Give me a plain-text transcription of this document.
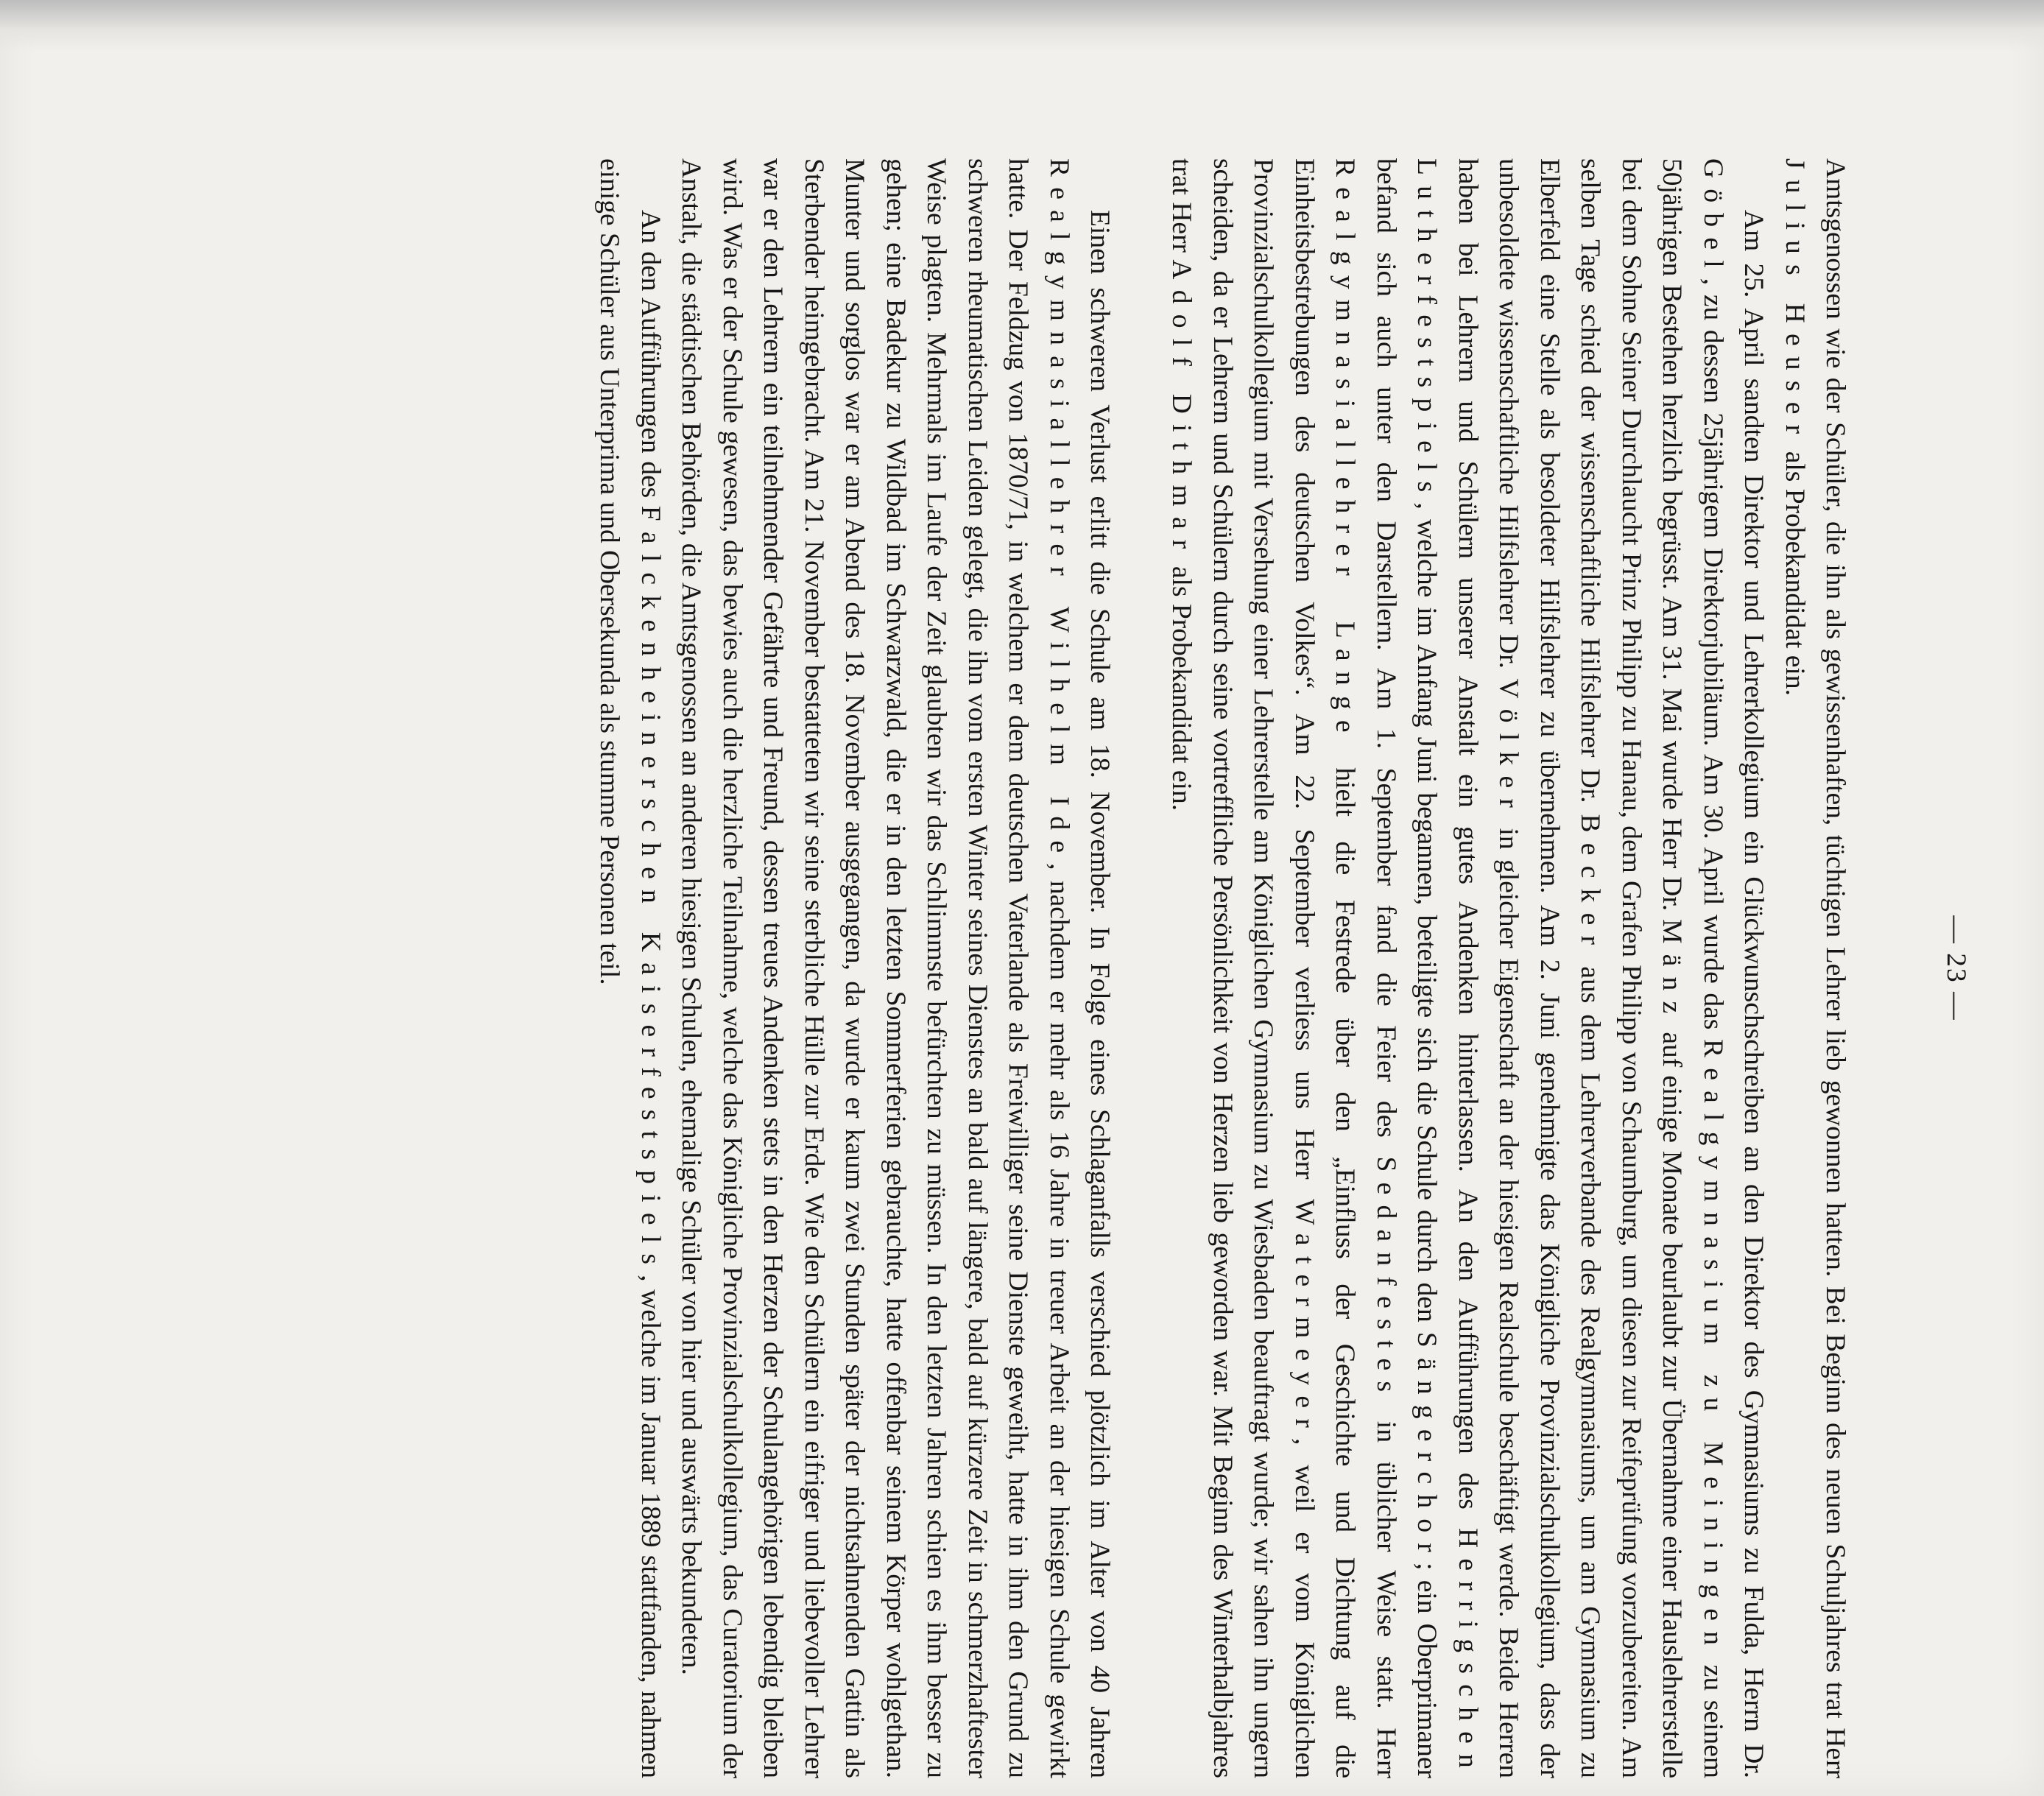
— 23 —

Amtsgenossen wie der Schüler, die ihn als gewissenhaften, tüchtigen Lehrer lieb gewonnen hatten. Bei Beginn des neuen Schuljahres trat Herr Julius Heuser als Probekandidat ein.

Am 25. April sandten Direktor und Lehrerkollegium ein Glückwunschschreiben an den Direktor des Gymnasiums zu Fulda, Herrn Dr. Göbel, zu dessen 25jährigem Direktorjubiläum. Am 30. April wurde das Realgymnasium zu Meiningen zu seinem 50jährigen Bestehen herzlich begrüsst. Am 31. Mai wurde Herr Dr. Mänz auf einige Monate beurlaubt zur Übernahme einer Hauslehrerstelle bei dem Sohne Seiner Durchlaucht Prinz Philipp zu Hanau, dem Grafen Philipp von Schaumburg, um diesen zur Reifeprüfung vorzubereiten. Am selben Tage schied der wissenschaftliche Hilfslehrer Dr. Becker aus dem Lehrerverbande des Realgymnasiums, um am Gymnasium zu Elberfeld eine Stelle als besoldeter Hilfslehrer zu übernehmen. Am 2. Juni genehmigte das Königliche Provinzialschulkollegium, dass der unbesoldete wissenschaftliche Hilfslehrer Dr. Völker in gleicher Eigenschaft an der hiesigen Realschule beschäftigt werde. Beide Herren haben bei Lehrern und Schülern unserer Anstalt ein gutes Andenken hinterlassen. An den Aufführungen des Herrigschen Lutherfestspiels, welche im Anfang Juni begannen, beteiligte sich die Schule durch den Sängerchor; ein Oberprimaner befand sich auch unter den Darstellern. Am 1. September fand die Feier des Sedanfestes in üblicher Weise statt. Herr Realgymnasiallehrer Lange hielt die Festrede über den „Einfluss der Geschichte und Dichtung auf die Einheitsbestrebungen des deutschen Volkes“. Am 22. September verliess uns Herr Watermeyer, weil er vom Königlichen Provinzialschulkollegium mit Versehung einer Lehrerstelle am Königlichen Gymnasium zu Wiesbaden beauftragt wurde; wir sahen ihn ungern scheiden, da er Lehrern und Schülern durch seine vortreffliche Persönlichkeit von Herzen lieb geworden war. Mit Beginn des Winterhalbjahres trat Herr Adolf Dithmar als Probekandidat ein.

Einen schweren Verlust erlitt die Schule am 18. November. In Folge eines Schlaganfalls verschied plötzlich im Alter von 40 Jahren Realgymnasiallehrer Wilhelm Ide, nachdem er mehr als 16 Jahre in treuer Arbeit an der hiesigen Schule gewirkt hatte. Der Feldzug von 1870/71, in welchem er dem deutschen Vaterlande als Freiwilliger seine Dienste geweiht, hatte in ihm den Grund zu schweren rheumatischen Leiden gelegt, die ihn vom ersten Winter seines Dienstes an bald auf längere, bald auf kürzere Zeit in schmerzhaftester Weise plagten. Mehrmals im Laufe der Zeit glaubten wir das Schlimmste befürchten zu müssen. In den letzten Jahren schien es ihm besser zu gehen; eine Badekur zu Wildbad im Schwarzwald, die er in den letzten Sommerferien gebrauchte, hatte offenbar seinem Körper wohlgethan. Munter und sorglos war er am Abend des 18. November ausgegangen, da wurde er kaum zwei Stunden später der nichtsahnenden Gattin als Sterbender heimgebracht. Am 21. November bestatteten wir seine sterbliche Hülle zur Erde. Wie den Schülern ein eifriger und liebevoller Lehrer war er den Lehrern ein teilnehmender Gefährte und Freund, dessen treues Andenken stets in den Herzen der Schulangehörigen lebendig bleiben wird. Was er der Schule gewesen, das bewies auch die herzliche Teilnahme, welche das Königliche Provinzialschulkollegium, das Curatorium der Anstalt, die städtischen Behörden, die Amtsgenossen an anderen hiesigen Schulen, ehemalige Schüler von hier und auswärts bekundeten.

An den Aufführungen des Falckenheinerschen Kaiserfestspiels, welche im Januar 1889 stattfanden, nahmen einige Schüler aus Unterprima und Obersekunda als stumme Personen teil.
